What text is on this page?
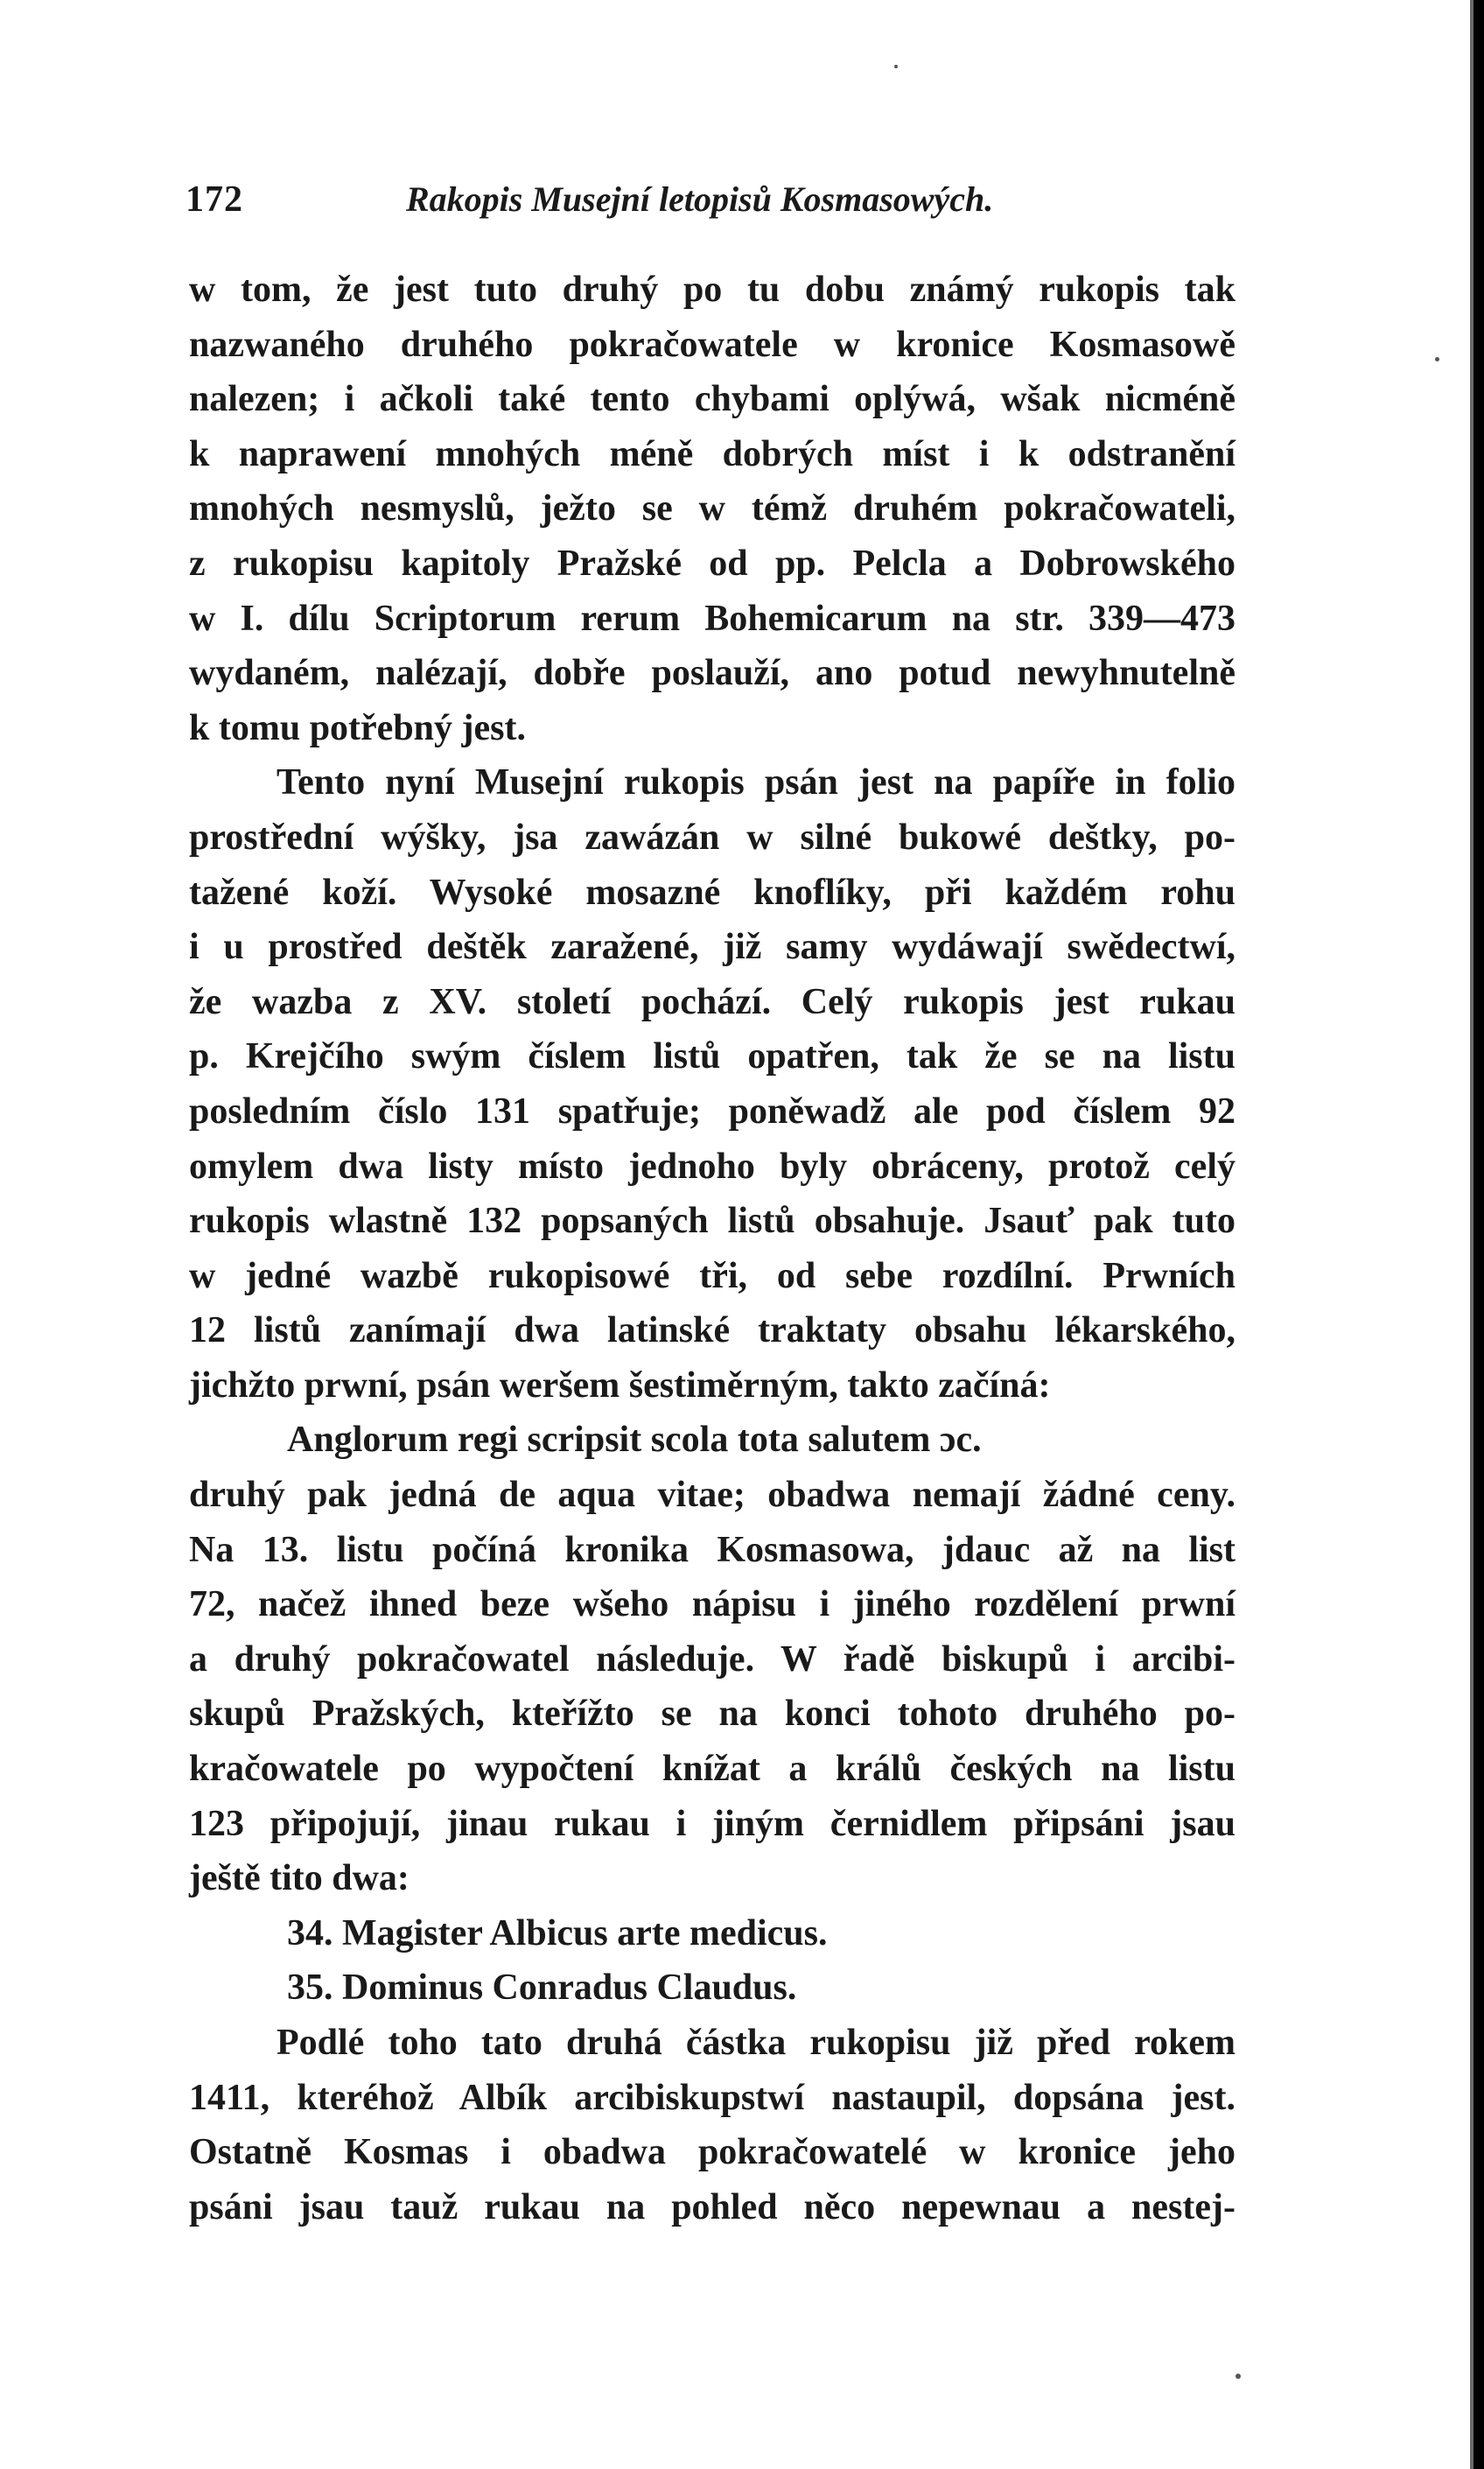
172	Rakopis Musejní letopisů Kosmasowých.
w tom, že jest tuto druhý po tu dobu známý rukopis tak
nazwaného druhého pokračowatele w kronice Kosmasowě
nalezen; i ačkoli také tento chybami oplýwá, wšak nicméně
k naprawení mnohých méně dobrých míst i k odstranění
mnohých nesmyslů, ježto se w témž druhém pokračowateli,
z rukopisu kapitoly Pražské od pp. Pelcla a Dobrowského
w I. dílu Scriptorum rerum Bohemicarum na str. 339—473
wydaném, nalézají, dobře poslauží, ano potud newyhnutelně
k tomu potřebný jest.
Tento nyní Musejní rukopis psán jest na papíře in folio
prostřední wýšky, jsa zawázán w silné bukowé deštky, po-
tažené koží. Wysoké mosazné knoflíky, při každém rohu
i u prostřed deštěk zaražené, již samy wydáwají swědectwí,
že wazba z XV. století pochází. Celý rukopis jest rukau
p. Krejčího swým číslem listů opatřen, tak že se na listu
posledním číslo 131 spatřuje; poněwadž ale pod číslem 92
omylem dwa listy místo jednoho byly obráceny, protož celý
rukopis wlastně 132 popsaných listů obsahuje. Jsauť pak tuto
w jedné wazbě rukopisowé tři, od sebe rozdílní. Prwních
12 listů zanímají dwa latinské traktaty obsahu lékarského,
jichžto prwní, psán weršem šestiměrným, takto začíná:
Anglorum regi scripsit scola tota salutem ɔc.
druhý pak jedná de aqua vitae; obadwa nemají žádné ceny.
Na 13. listu počíná kronika Kosmasowa, jdauc až na list
72, načež ihned beze wšeho nápisu i jiného rozdělení prwní
a druhý pokračowatel následuje. W řadě biskupů i arcibi-
skupů Pražských, kteřížto se na konci tohoto druhého po-
kračowatele po wypočtení knížat a králů českých na listu
123 připojují, jinau rukau i jiným černidlem připsáni jsau
ještě tito dwa:
34. Magister Albicus arte medicus.
35. Dominus Conradus Claudus.
Podlé toho tato druhá částka rukopisu již před rokem
1411, kteréhož Albík arcibiskupstwí nastaupil, dopsána jest.
Ostatně Kosmas i obadwa pokračowatelé w kronice jeho
psáni jsau tauž rukau na pohled něco nepewnau a nestej-
